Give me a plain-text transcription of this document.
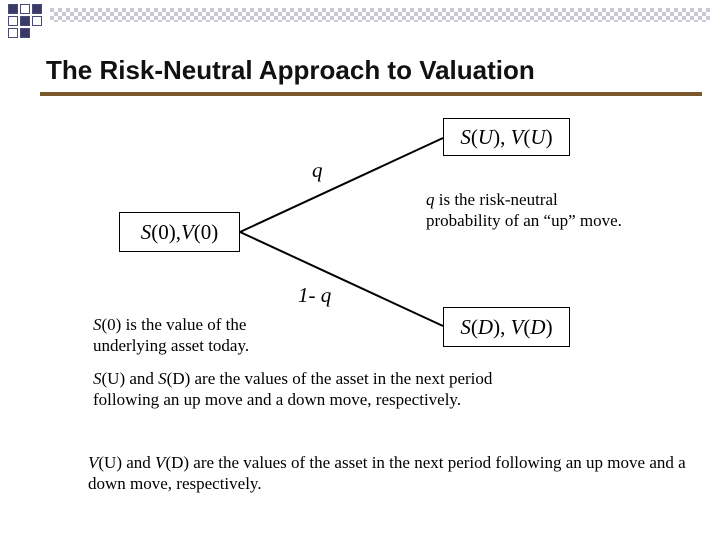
The Risk-Neutral Approach to Valuation
S (0), V (0)
S ( U ), V ( U )
S ( D ), V ( D )
q
1- q
q is the risk-neutral probability of an “up” move.
S(0) is the value of the underlying asset today.
S(U) and S(D) are the values of the asset in the next period following an up move and a down move, respectively.
V(U) and V(D) are the values of the asset in the next period following an up move and a down move, respectively.
